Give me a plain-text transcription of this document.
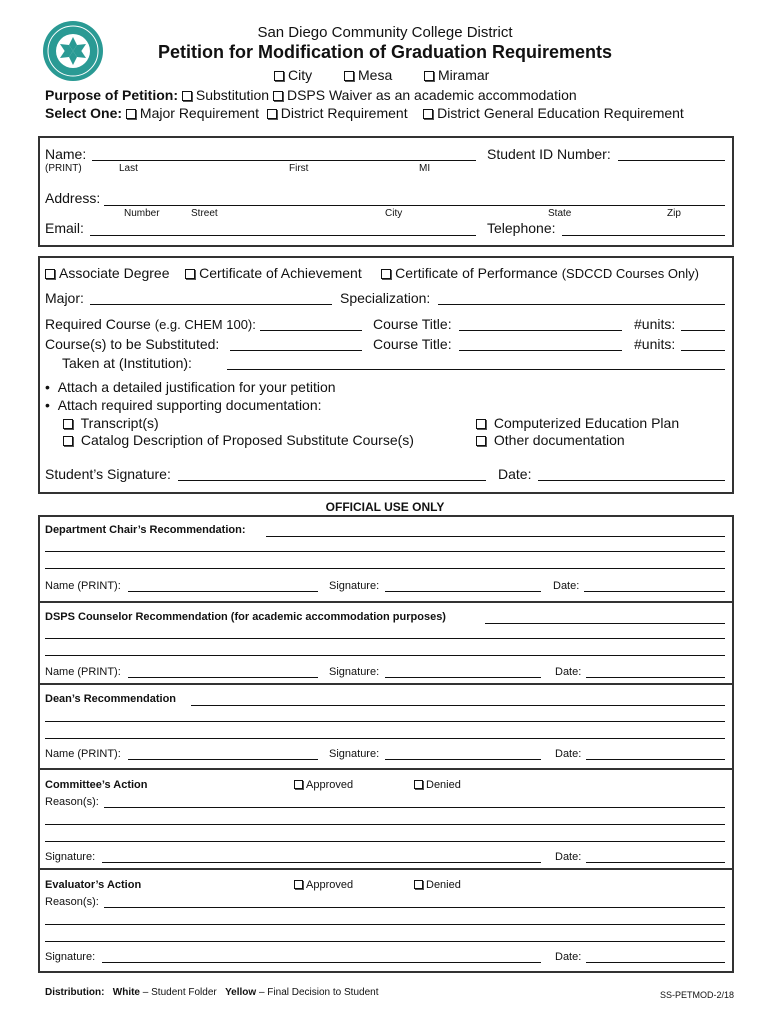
San Diego Community College District
Petition for Modification of Graduation Requirements
City	Mesa	Miramar
Purpose of Petition: Substitution DSPS Waiver as an academic accommodation
Select One: Major Requirement District Requirement District General Education Requirement
Name:
(PRINT)	Last	First	MI
Student ID Number:
Address:
Number	Street	City	State	Zip
Email:	Telephone:
Associate Degree Certificate of Achievement Certificate of Performance (SDCCD Courses Only)
Major:	Specialization:
Required Course (e.g. CHEM 100):	Course Title:	#units:
Course(s) to be Substituted:	Course Title:	#units:
Taken at (Institution):
•  Attach a detailed justification for your petition
•  Attach required supporting documentation:
Transcript(s)
Catalog Description of Proposed Substitute Course(s)
Computerized Education Plan
Other documentation
Student’s Signature:	Date:
OFFICIAL USE ONLY
Department Chair’s Recommendation:
Name (PRINT):	Signature:	Date:
DSPS Counselor Recommendation (for academic accommodation purposes)
Name (PRINT):	Signature:	Date:
Dean’s Recommendation
Name (PRINT):	Signature:	Date:
Committee’s Action	Approved	Denied
Reason(s):
Signature:	Date:
Evaluator’s Action	Approved	Denied
Reason(s):
Signature:	Date:
Distribution: White – Student Folder Yellow – Final Decision to Student	SS-PETMOD-2/18
